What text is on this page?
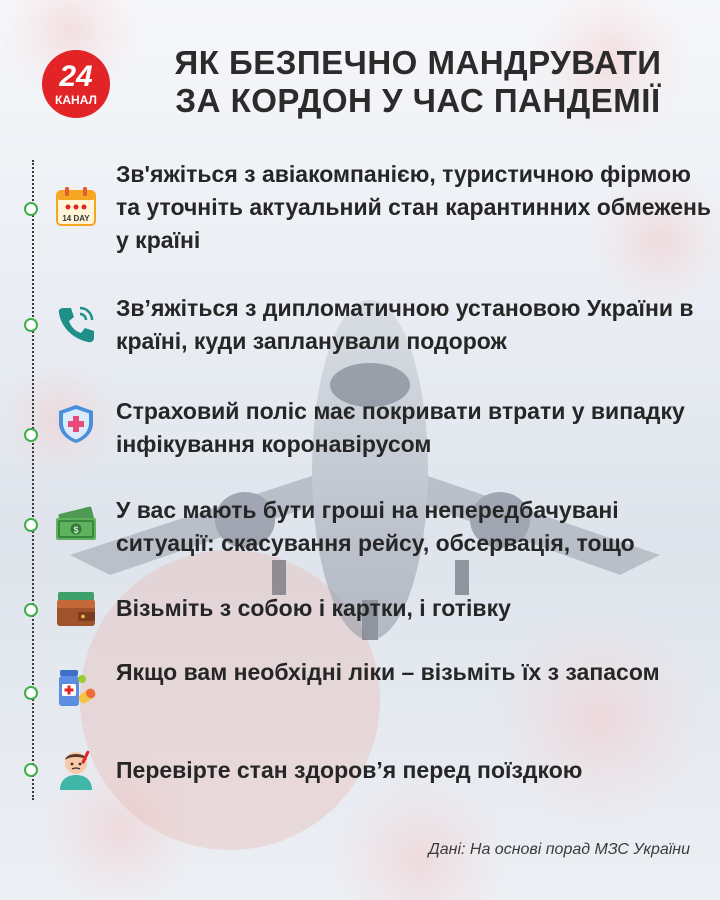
24
КАНАЛ
ЯК БЕЗПЕЧНО МАНДРУВАТИ
ЗА КОРДОН У ЧАС ПАНДЕМІЇ
14 DAY
Зв'яжіться з авіакомпанією, туристичною фірмою та уточніть актуальний стан карантинних обмежень у країні
Зв’яжіться з дипломатичною установою України в країні, куди запланували подорож
Страховий поліс має покривати втрати у випадку інфікування коронавірусом
$
У вас мають бути гроші на непередбачувані ситуації: скасування рейсу, обсервація, тощо
Візьміть з собою і картки, і готівку
Якщо вам необхідні ліки – візьміть їх з запасом
Перевірте стан здоров’я перед поїздкою
Дані: На основі порад МЗС України
